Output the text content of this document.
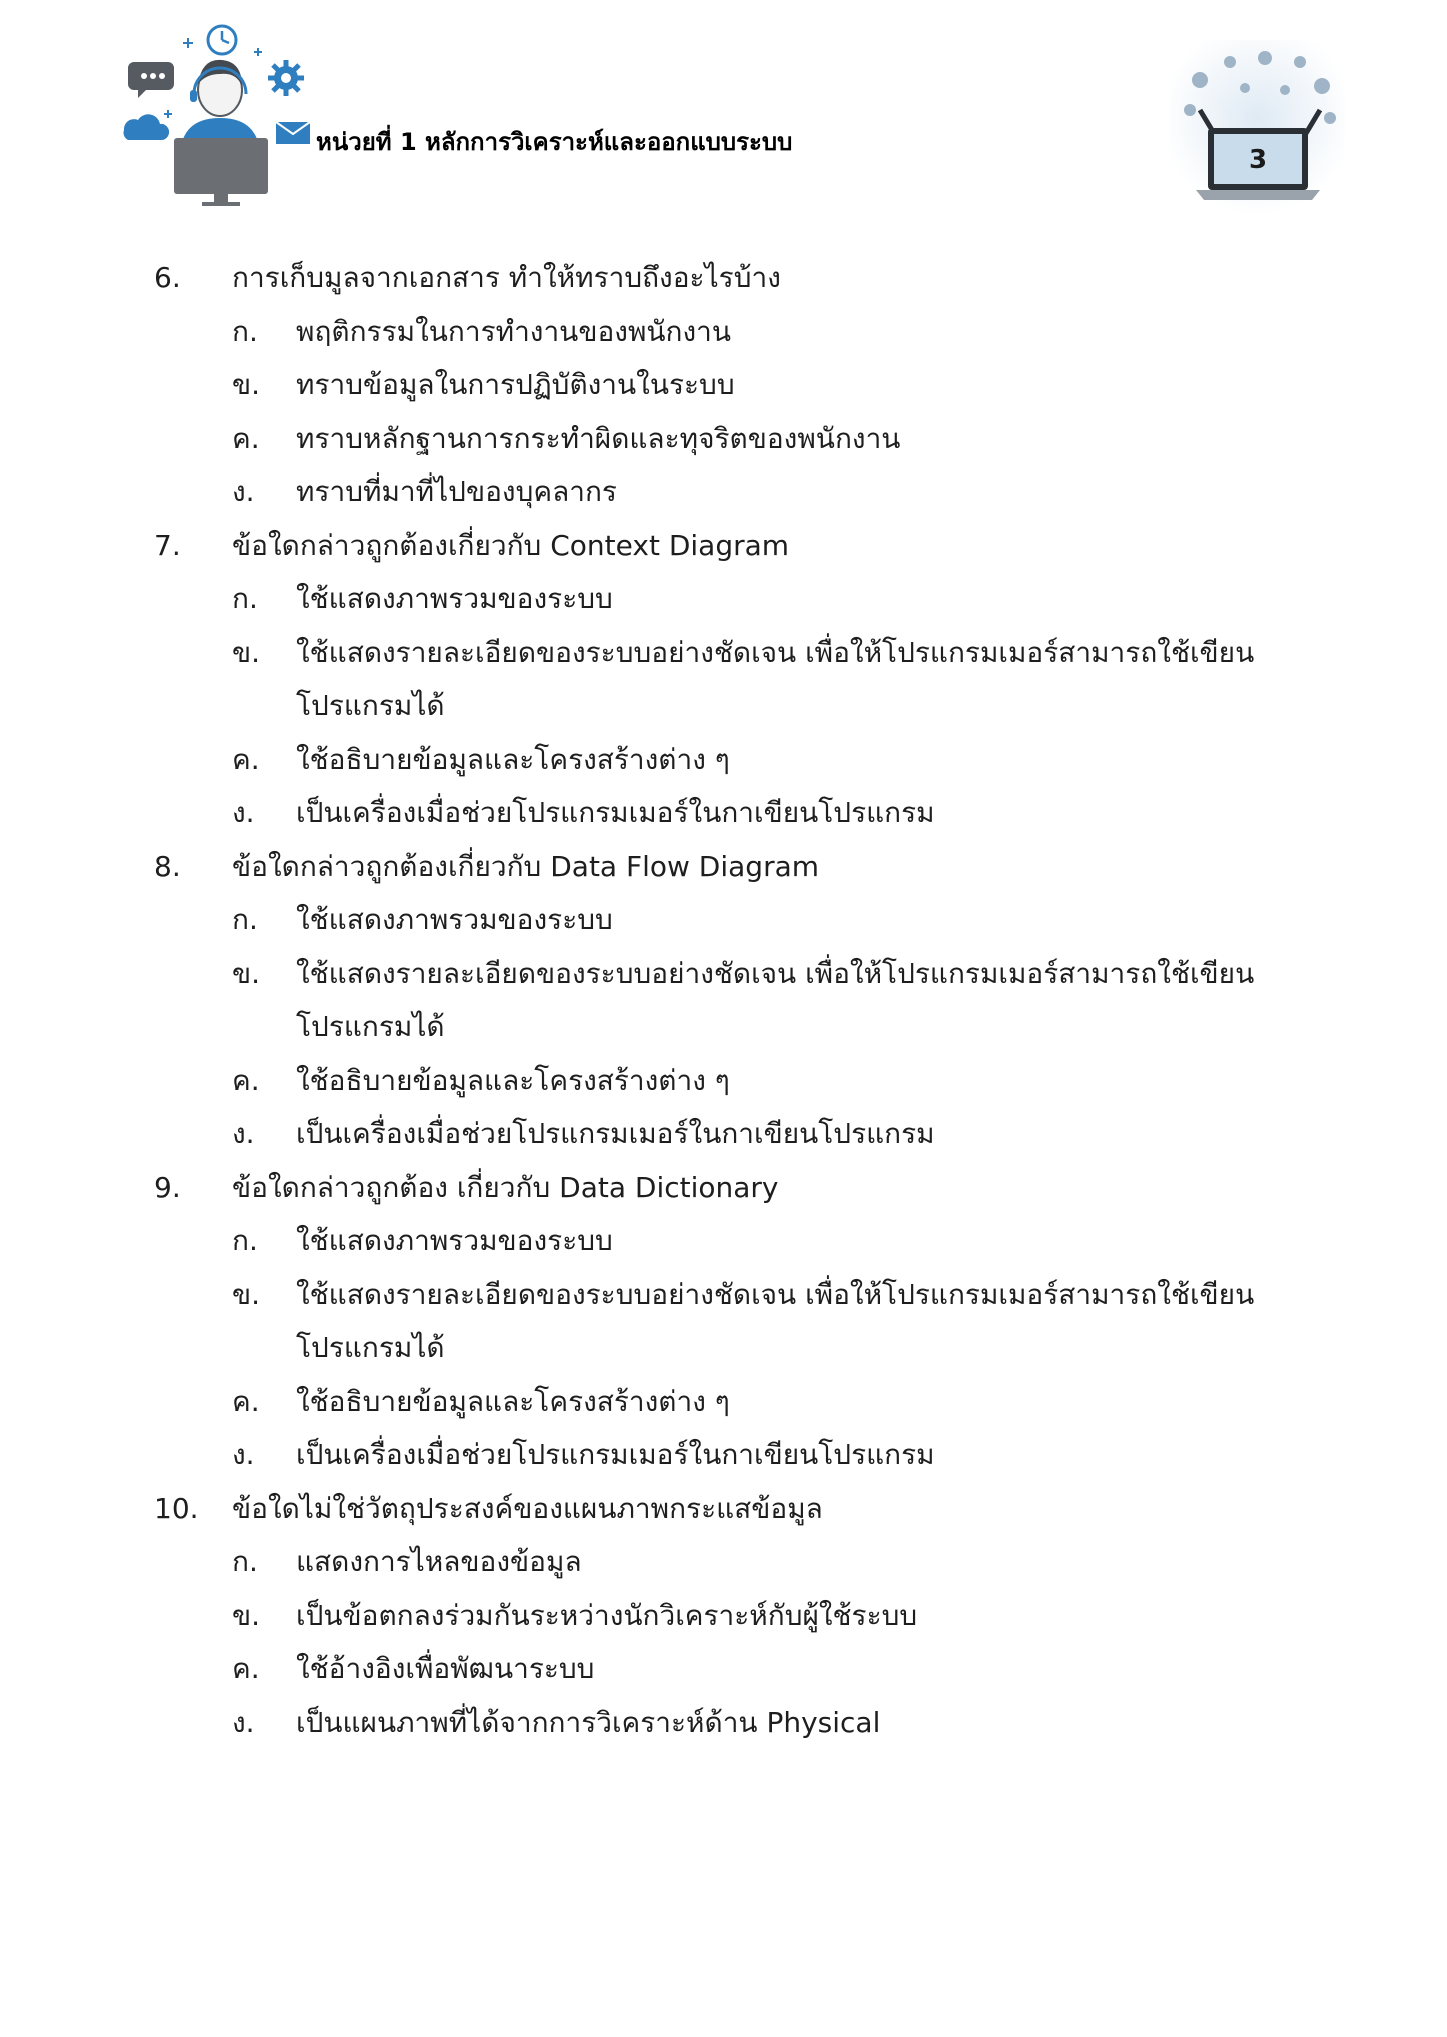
หน่วยที่ 1 หลักการวิเคราะห์และออกแบบระบบ
3
6. การเก็บมูลจากเอกสาร ทำให้ทราบถึงอะไรบ้าง
ก. พฤติกรรมในการทำงานของพนักงาน
ข. ทราบข้อมูลในการปฏิบัติงานในระบบ
ค. ทราบหลักฐานการกระทำผิดและทุจริตของพนักงาน
ง. ทราบที่มาที่ไปของบุคลากร
7. ข้อใดกล่าวถูกต้องเกี่ยวกับ Context Diagram
ก. ใช้แสดงภาพรวมของระบบ
ข. ใช้แสดงรายละเอียดของระบบอย่างชัดเจน เพื่อให้โปรแกรมเมอร์สามารถใช้เขียน
โปรแกรมได้
ค. ใช้อธิบายข้อมูลและโครงสร้างต่าง ๆ
ง. เป็นเครื่องเมื่อช่วยโปรแกรมเมอร์ในกาเขียนโปรแกรม
8. ข้อใดกล่าวถูกต้องเกี่ยวกับ Data Flow Diagram
ก. ใช้แสดงภาพรวมของระบบ
ข. ใช้แสดงรายละเอียดของระบบอย่างชัดเจน เพื่อให้โปรแกรมเมอร์สามารถใช้เขียน
โปรแกรมได้
ค. ใช้อธิบายข้อมูลและโครงสร้างต่าง ๆ
ง. เป็นเครื่องเมื่อช่วยโปรแกรมเมอร์ในกาเขียนโปรแกรม
9. ข้อใดกล่าวถูกต้อง เกี่ยวกับ Data Dictionary
ก. ใช้แสดงภาพรวมของระบบ
ข. ใช้แสดงรายละเอียดของระบบอย่างชัดเจน เพื่อให้โปรแกรมเมอร์สามารถใช้เขียน
โปรแกรมได้
ค. ใช้อธิบายข้อมูลและโครงสร้างต่าง ๆ
ง. เป็นเครื่องเมื่อช่วยโปรแกรมเมอร์ในกาเขียนโปรแกรม
10. ข้อใดไม่ใช่วัตถุประสงค์ของแผนภาพกระแสข้อมูล
ก. แสดงการไหลของข้อมูล
ข. เป็นข้อตกลงร่วมกันระหว่างนักวิเคราะห์กับผู้ใช้ระบบ
ค. ใช้อ้างอิงเพื่อพัฒนาระบบ
ง. เป็นแผนภาพที่ได้จากการวิเคราะห์ด้าน Physical
